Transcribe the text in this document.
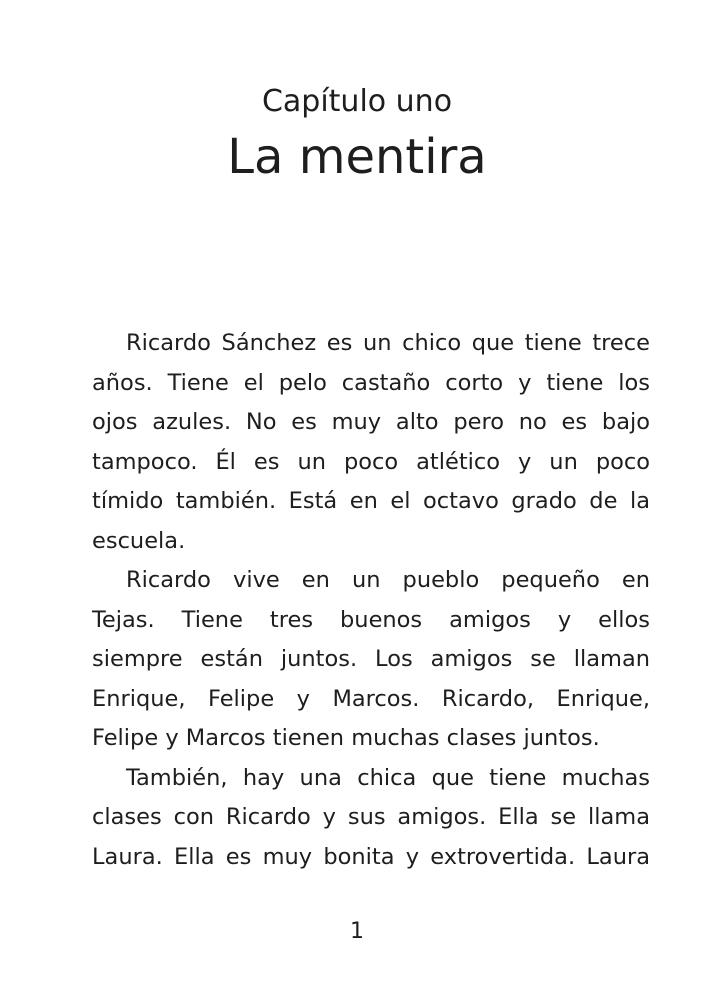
Capítulo uno
La mentira
Ricardo Sánchez es un chico que tiene trece
años. Tiene el pelo castaño corto y tiene los
ojos azules. No es muy alto pero no es bajo
tampoco. Él es un poco atlético y un poco
tímido también. Está en el octavo grado de la
escuela.
Ricardo vive en un pueblo pequeño en
Tejas. Tiene tres buenos amigos y ellos
siempre están juntos. Los amigos se llaman
Enrique, Felipe y Marcos. Ricardo, Enrique,
Felipe y Marcos tienen muchas clases juntos.
También, hay una chica que tiene muchas
clases con Ricardo y sus amigos. Ella se llama
Laura. Ella es muy bonita y extrovertida. Laura
1
